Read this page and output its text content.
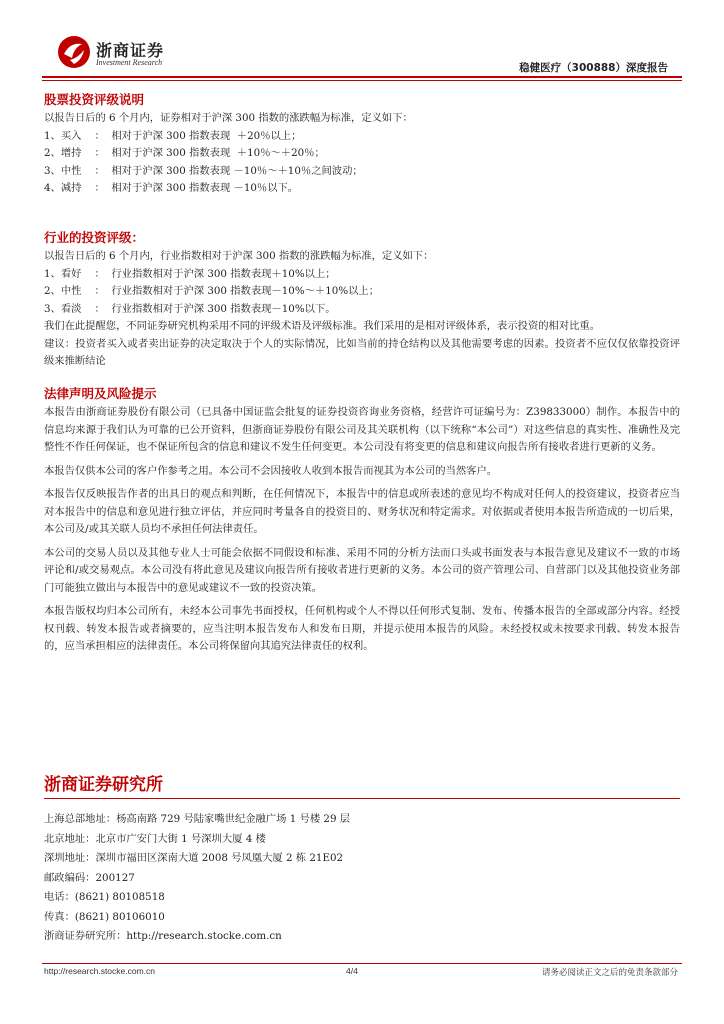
浙商证券
Investment Research	稳健医疗（300888）深度报告
股票投资评级说明

以报告日后的 6 个月内，证券相对于沪深 300 指数的涨跌幅为标准，定义如下：

1、买入    ：  相对于沪深 300 指数表现  ＋20％以上；

2、增持    ：  相对于沪深 300 指数表现  ＋10％～＋20％；

3、中性    ：  相对于沪深 300 指数表现 －10％～＋10％之间波动；

4、减持    ：  相对于沪深 300 指数表现 －10％以下。

行业的投资评级：

以报告日后的 6 个月内，行业指数相对于沪深 300 指数的涨跌幅为标准，定义如下：

1、看好    ：  行业指数相对于沪深 300 指数表现＋10%以上；

2、中性    ：  行业指数相对于沪深 300 指数表现－10%～＋10%以上；

3、看淡    ：  行业指数相对于沪深 300 指数表现－10%以下。

我们在此提醒您，不同证券研究机构采用不同的评级术语及评级标准。我们采用的是相对评级体系，表示投资的相对比重。

建议：投资者买入或者卖出证券的决定取决于个人的实际情况，比如当前的持仓结构以及其他需要考虑的因素。投资者不应仅仅依靠投资评级来推断结论

法律声明及风险提示

本报告由浙商证券股份有限公司（已具备中国证监会批复的证券投资咨询业务资格，经营许可证编号为：Z39833000）制作。本报告中的信息均来源于我们认为可靠的已公开资料，但浙商证券股份有限公司及其关联机构（以下统称“本公司”）对这些信息的真实性、准确性及完整性不作任何保证，也不保证所包含的信息和建议不发生任何变更。本公司没有将变更的信息和建议向报告所有接收者进行更新的义务。

本报告仅供本公司的客户作参考之用。本公司不会因接收人收到本报告而视其为本公司的当然客户。

本报告仅反映报告作者的出具日的观点和判断，在任何情况下，本报告中的信息或所表述的意见均不构成对任何人的投资建议，投资者应当对本报告中的信息和意见进行独立评估，并应同时考量各自的投资目的、财务状况和特定需求。对依据或者使用本报告所造成的一切后果，本公司及/或其关联人员均不承担任何法律责任。

本公司的交易人员以及其他专业人士可能会依据不同假设和标准、采用不同的分析方法而口头或书面发表与本报告意见及建议不一致的市场评论和/或交易观点。本公司没有将此意见及建议向报告所有接收者进行更新的义务。本公司的资产管理公司、自营部门以及其他投资业务部门可能独立做出与本报告中的意见或建议不一致的投资决策。

本报告版权均归本公司所有，未经本公司事先书面授权，任何机构或个人不得以任何形式复制、发布、传播本报告的全部或部分内容。经授权刊载、转发本报告或者摘要的，应当注明本报告发布人和发布日期，并提示使用本报告的风险。未经授权或未按要求刊载、转发本报告的，应当承担相应的法律责任。本公司将保留向其追究法律责任的权利。

浙商证券研究所

上海总部地址：杨高南路 729 号陆家嘴世纪金融广场 1 号楼 29 层

北京地址：北京市广安门大街 1 号深圳大厦 4 楼

深圳地址：深圳市福田区深南大道 2008 号凤凰大厦 2 栋 21E02

邮政编码：200127

电话：(8621) 80108518

传真：(8621) 80106010

浙商证券研究所：http://research.stocke.com.cn

http://research.stocke.com.cn	4/4	请务必阅读正文之后的免责条款部分
